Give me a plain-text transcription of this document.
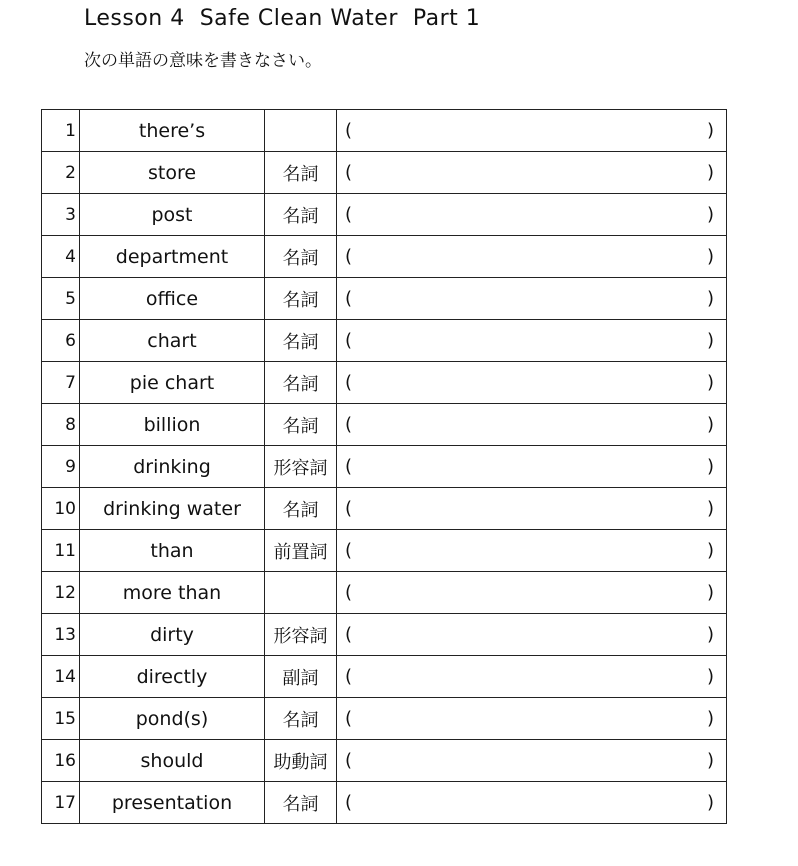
Lesson 4  Safe Clean Water  Part 1
次の単語の意味を書きなさい。
1	there’s		( )

2	store	名詞	( )

3	post	名詞	( )

4	department	名詞	( )

5	office	名詞	( )

6	chart	名詞	( )

7	pie chart	名詞	( )

8	billion	名詞	( )

9	drinking	形容詞	( )

10	drinking water	名詞	( )

11	than	前置詞	( )

12	more than		( )

13	dirty	形容詞	( )

14	directly	副詞	( )

15	pond(s)	名詞	( )

16	should	助動詞	( )

17	presentation	名詞	( )
